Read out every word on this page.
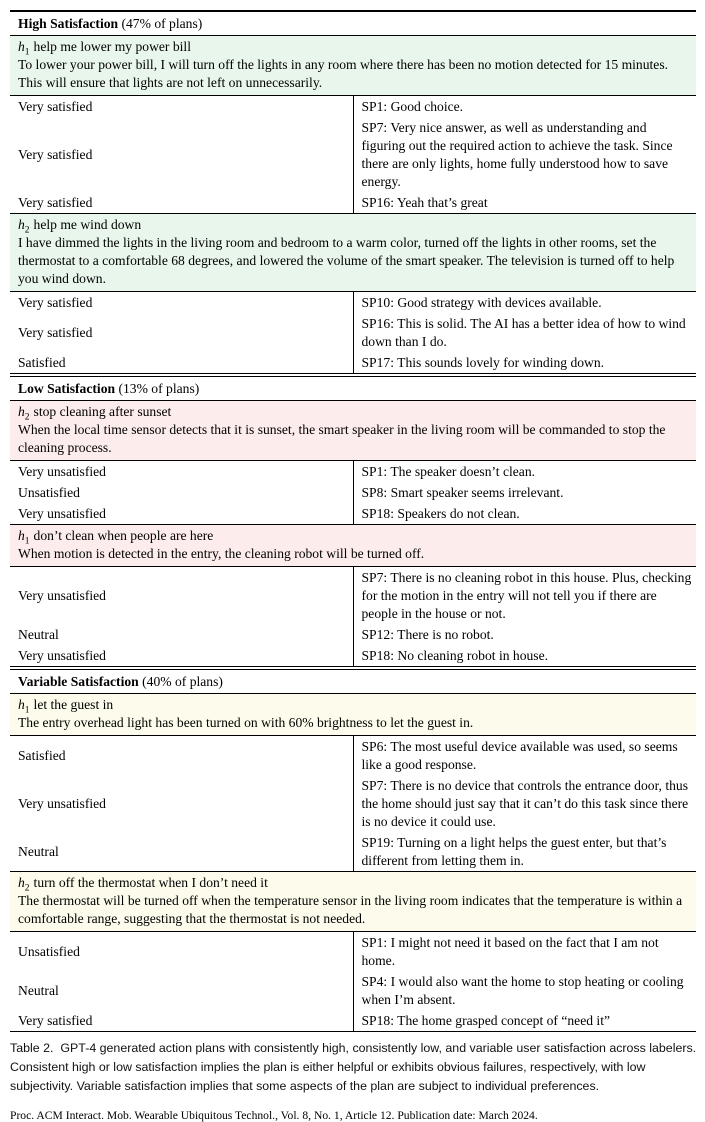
High Satisfaction (47% of plans)	

$h_1$ help me lower my power bill
To lower your power bill, I will turn off the lights in any room where there has been no motion detected for 15 minutes. This will ensure that lights are not left on unnecessarily.	

Very satisfied	SP1: Good choice.
Very satisfied	SP7: Very nice answer, as well as understanding and figuring out the required action to achieve the task. Since there are only lights, home fully understood how to save energy.
Very satisfied	SP16: Yeah that’s great

$h_2$ help me wind down
I have dimmed the lights in the living room and bedroom to a warm color, turned off the lights in other rooms, set the thermostat to a comfortable 68 degrees, and lowered the volume of the smart speaker. The television is turned off to help you wind down.	

Very satisfied	SP10: Good strategy with devices available.
Very satisfied	SP16: This is solid. The AI has a better idea of how to wind down than I do.
Satisfied	SP17: This sounds lovely for winding down.
Low Satisfaction (13% of plans)	

$h_2$ stop cleaning after sunset
When the local time sensor detects that it is sunset, the smart speaker in the living room will be commanded to stop the cleaning process.	

Very unsatisfied	SP1: The speaker doesn’t clean.
Unsatisfied	SP8: Smart speaker seems irrelevant.
Very unsatisfied	SP18: Speakers do not clean.

$h_1$ don’t clean when people are here
When motion is detected in the entry, the cleaning robot will be turned off.	

Very unsatisfied	SP7: There is no cleaning robot in this house. Plus, checking for the motion in the entry will not tell you if there are people in the house or not.
Neutral	SP12: There is no robot.
Very unsatisfied	SP18: No cleaning robot in house.
Variable Satisfaction (40% of plans)	

$h_1$ let the guest in
The entry overhead light has been turned on with 60% brightness to let the guest in.	

Satisfied	SP6: The most useful device available was used, so seems like a good response.
Very unsatisfied	SP7: There is no device that controls the entrance door, thus the home should just say that it can’t do this task since there is no device it could use.
Neutral	SP19: Turning on a light helps the guest enter, but that’s different from letting them in.

$h_2$ turn off the thermostat when I don’t need it
The thermostat will be turned off when the temperature sensor in the living room indicates that the temperature is within a comfortable range, suggesting that the thermostat is not needed.	

Unsatisfied	SP1: I might not need it based on the fact that I am not home.
Neutral	SP4: I would also want the home to stop heating or cooling when I’m absent.
Very satisfied	SP18: The home grasped concept of “need it”

Table 2. GPT-4 generated action plans with consistently high, consistently low, and variable user satisfaction across labelers. Consistent high or low satisfaction implies the plan is either helpful or exhibits obvious failures, respectively, with low subjectivity. Variable satisfaction implies that some aspects of the plan are subject to individual preferences.

Proc. ACM Interact. Mob. Wearable Ubiquitous Technol., Vol. 8, No. 1, Article 12. Publication date: March 2024.
